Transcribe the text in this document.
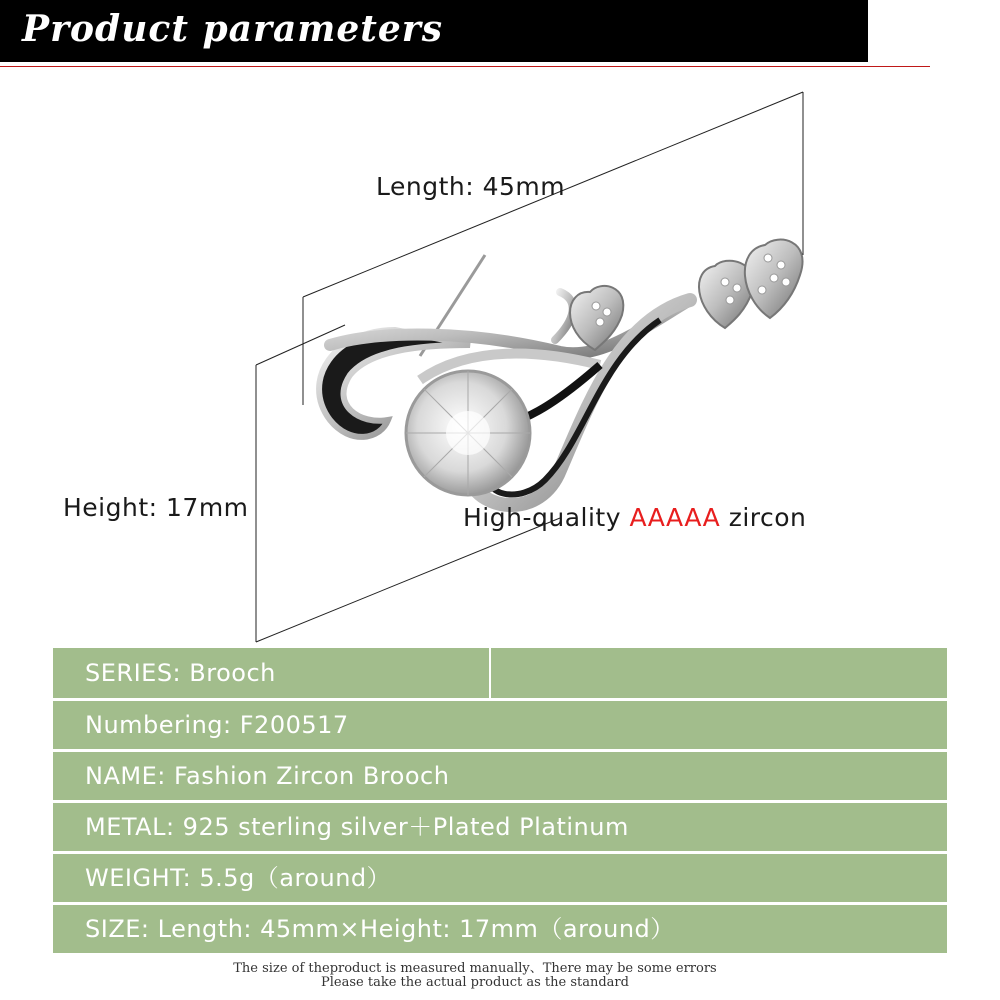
Product parameters
Length: 45mm
Height: 17mm	High-quality AAAAA zircon
SERIES: Brooch
Numbering: F200517
NAME: Fashion Zircon Brooch
METAL: 925 sterling silver＋Plated Platinum
WEIGHT: 5.5g（around）
SIZE: Length: 45mm×Height: 17mm（around）
The size of theproduct is measured manually、There may be some errors
Please take the actual product as the standard
